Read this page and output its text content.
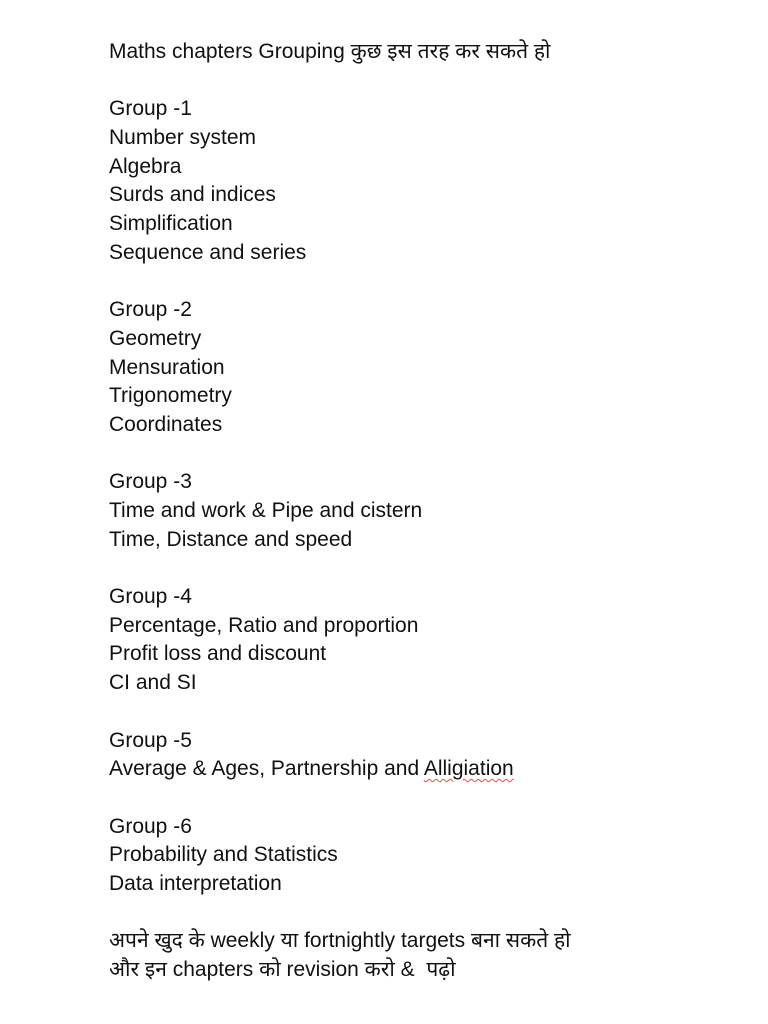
Maths chapters Grouping कुछ इस तरह कर सकते हो
Group -1
Number system
Algebra
Surds and indices
Simplification
Sequence and series
Group -2
Geometry
Mensuration
Trigonometry
Coordinates
Group -3
Time and work & Pipe and cistern
Time, Distance and speed
Group -4
Percentage, Ratio and proportion
Profit loss and discount
CI and SI
Group -5
Average & Ages, Partnership and Alligiation
Group -6
Probability and Statistics
Data interpretation
अपने खुद के weekly या fortnightly targets बना सकते हो
और इन chapters को revision करो &  पढ़ो
